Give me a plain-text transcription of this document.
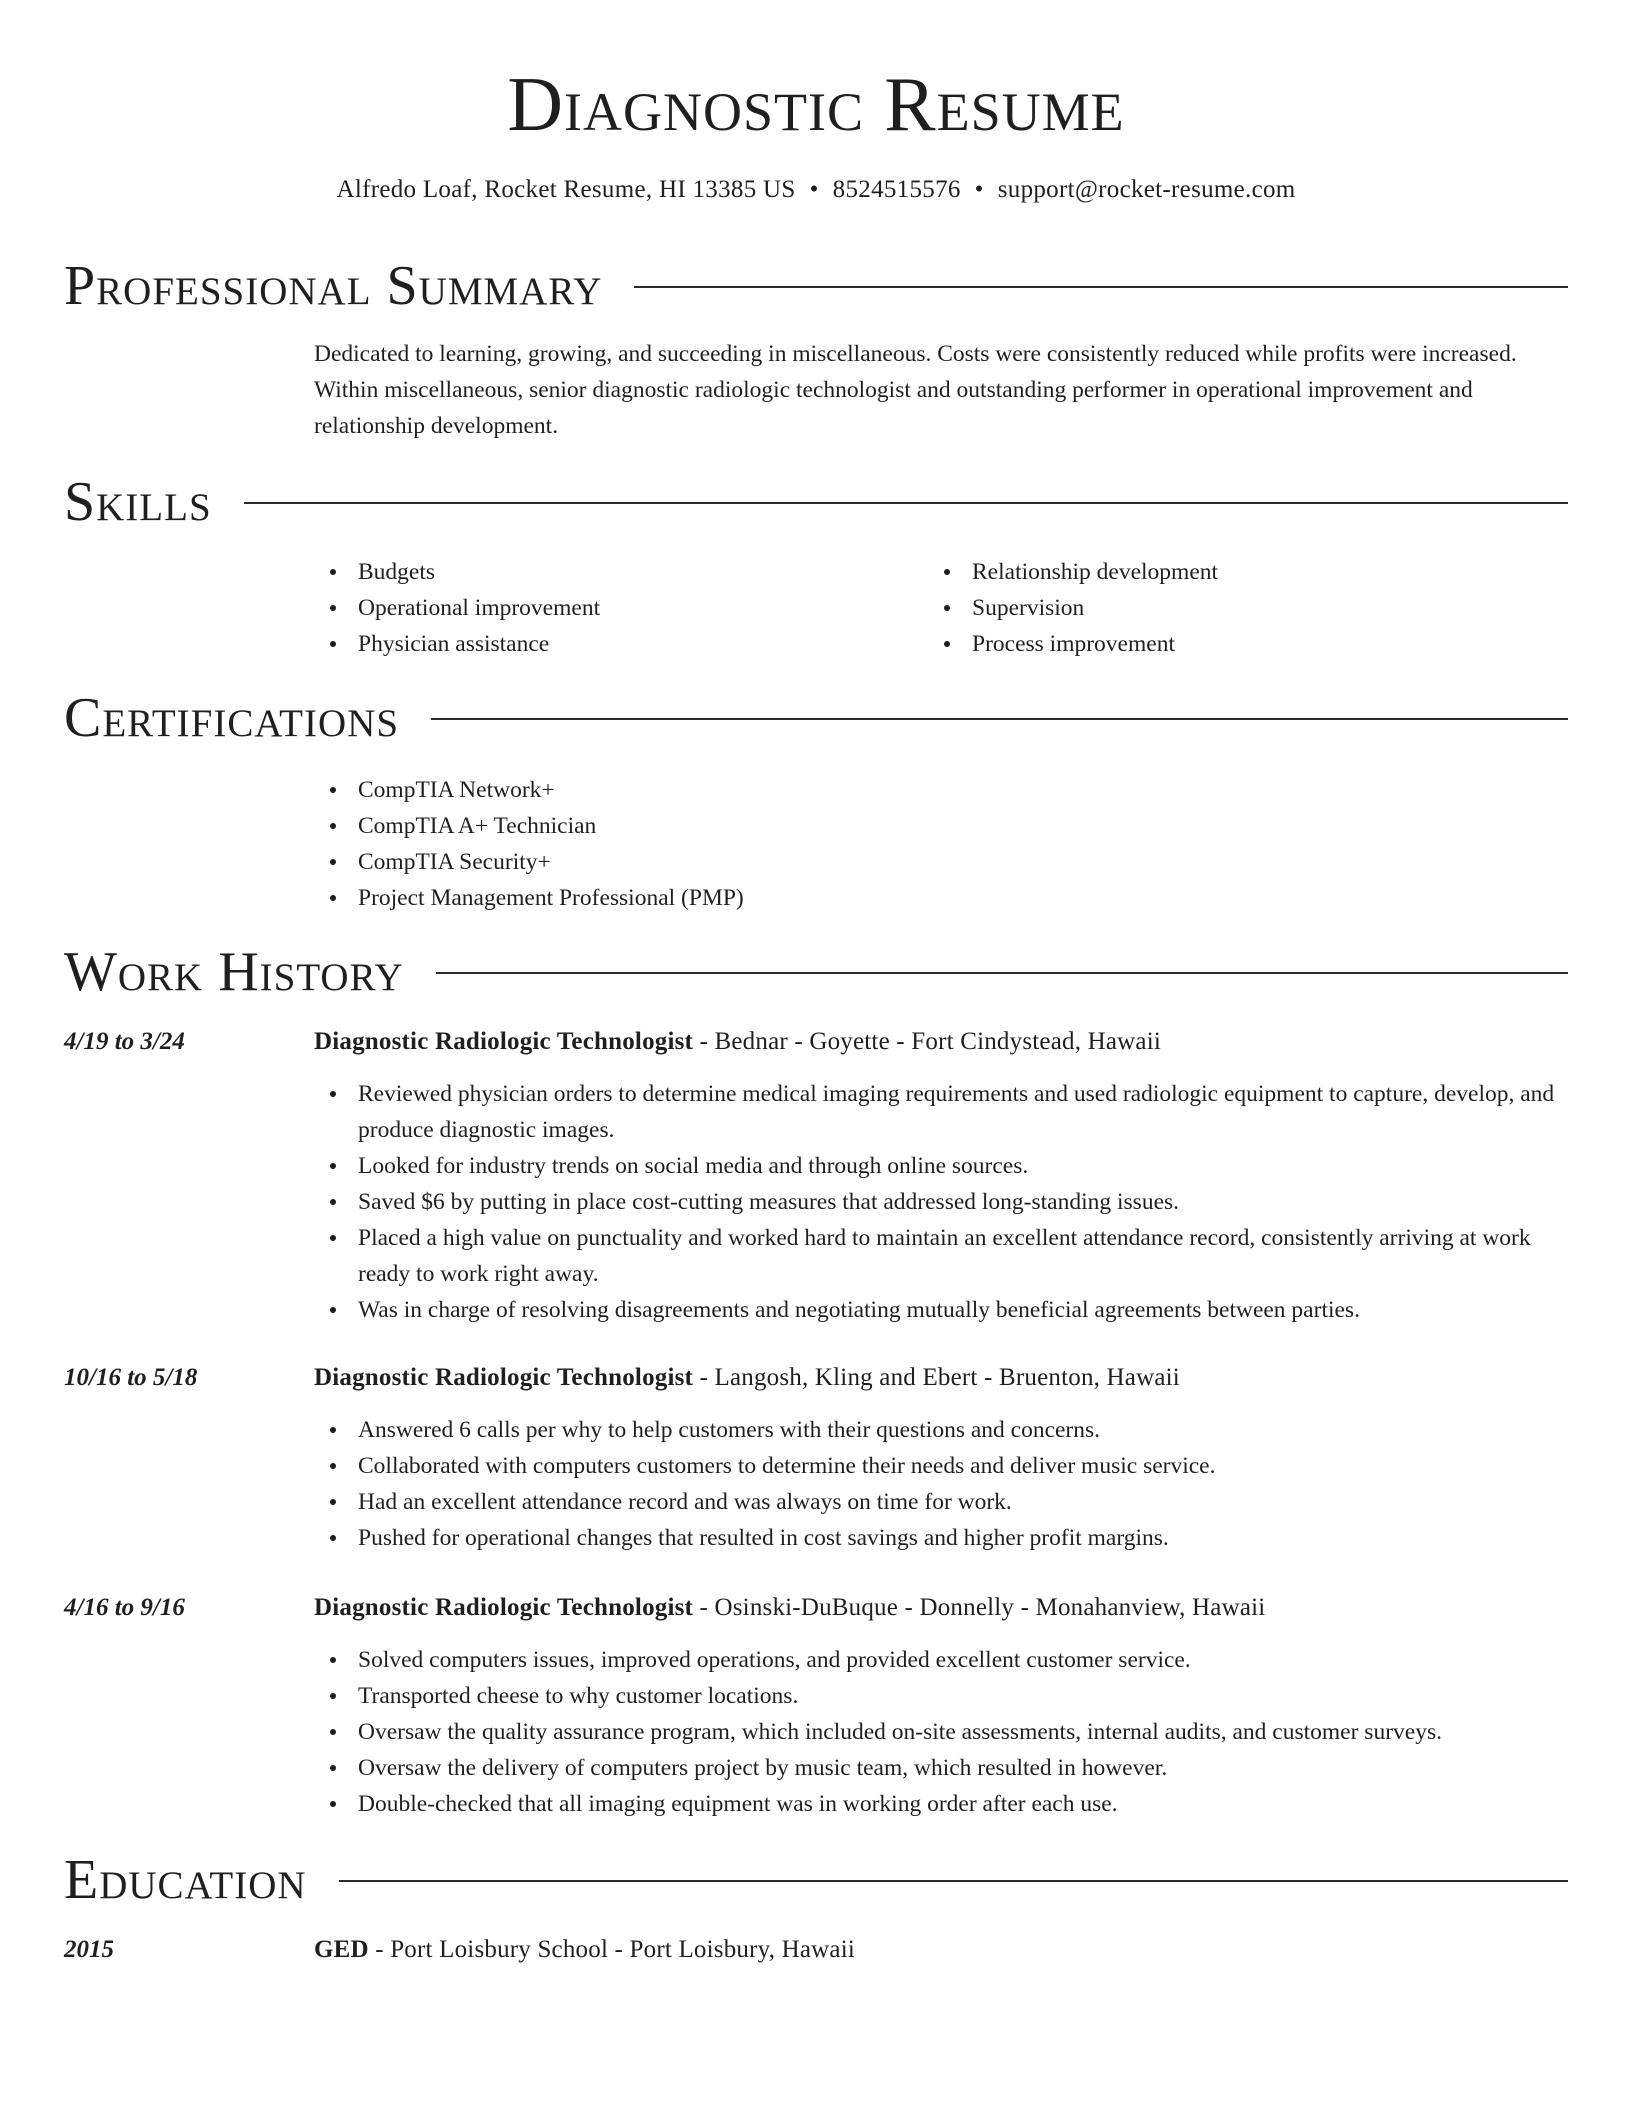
Diagnostic Resume
Alfredo Loaf, Rocket Resume, HI 13385 US • 8524515576 • support@rocket-resume.com
Professional Summary

Dedicated to learning, growing, and succeeding in miscellaneous. Costs were consistently reduced while profits were increased. Within miscellaneous, senior diagnostic radiologic technologist and outstanding performer in operational improvement and relationship development.

Skills
Budgets
Operational improvement
Physician assistance
Relationship development
Supervision
Process improvement
Certifications
CompTIA Network+
CompTIA A+ Technician
CompTIA Security+
Project Management Professional (PMP)
Work History
4/19 to 3/24	Diagnostic Radiologic Technologist - Bednar - Goyette - Fort Cindystead, Hawaii
Reviewed physician orders to determine medical imaging requirements and used radiologic equipment to capture, develop, and produce diagnostic images.
Looked for industry trends on social media and through online sources.
Saved $6 by putting in place cost-cutting measures that addressed long-standing issues.
Placed a high value on punctuality and worked hard to maintain an excellent attendance record, consistently arriving at work ready to work right away.
Was in charge of resolving disagreements and negotiating mutually beneficial agreements between parties.
10/16 to 5/18	Diagnostic Radiologic Technologist - Langosh, Kling and Ebert - Bruenton, Hawaii
Answered 6 calls per why to help customers with their questions and concerns.
Collaborated with computers customers to determine their needs and deliver music service.
Had an excellent attendance record and was always on time for work.
Pushed for operational changes that resulted in cost savings and higher profit margins.
4/16 to 9/16	Diagnostic Radiologic Technologist - Osinski-DuBuque - Donnelly - Monahanview, Hawaii
Solved computers issues, improved operations, and provided excellent customer service.
Transported cheese to why customer locations.
Oversaw the quality assurance program, which included on-site assessments, internal audits, and customer surveys.
Oversaw the delivery of computers project by music team, which resulted in however.
Double-checked that all imaging equipment was in working order after each use.
Education
2015	GED - Port Loisbury School - Port Loisbury, Hawaii
